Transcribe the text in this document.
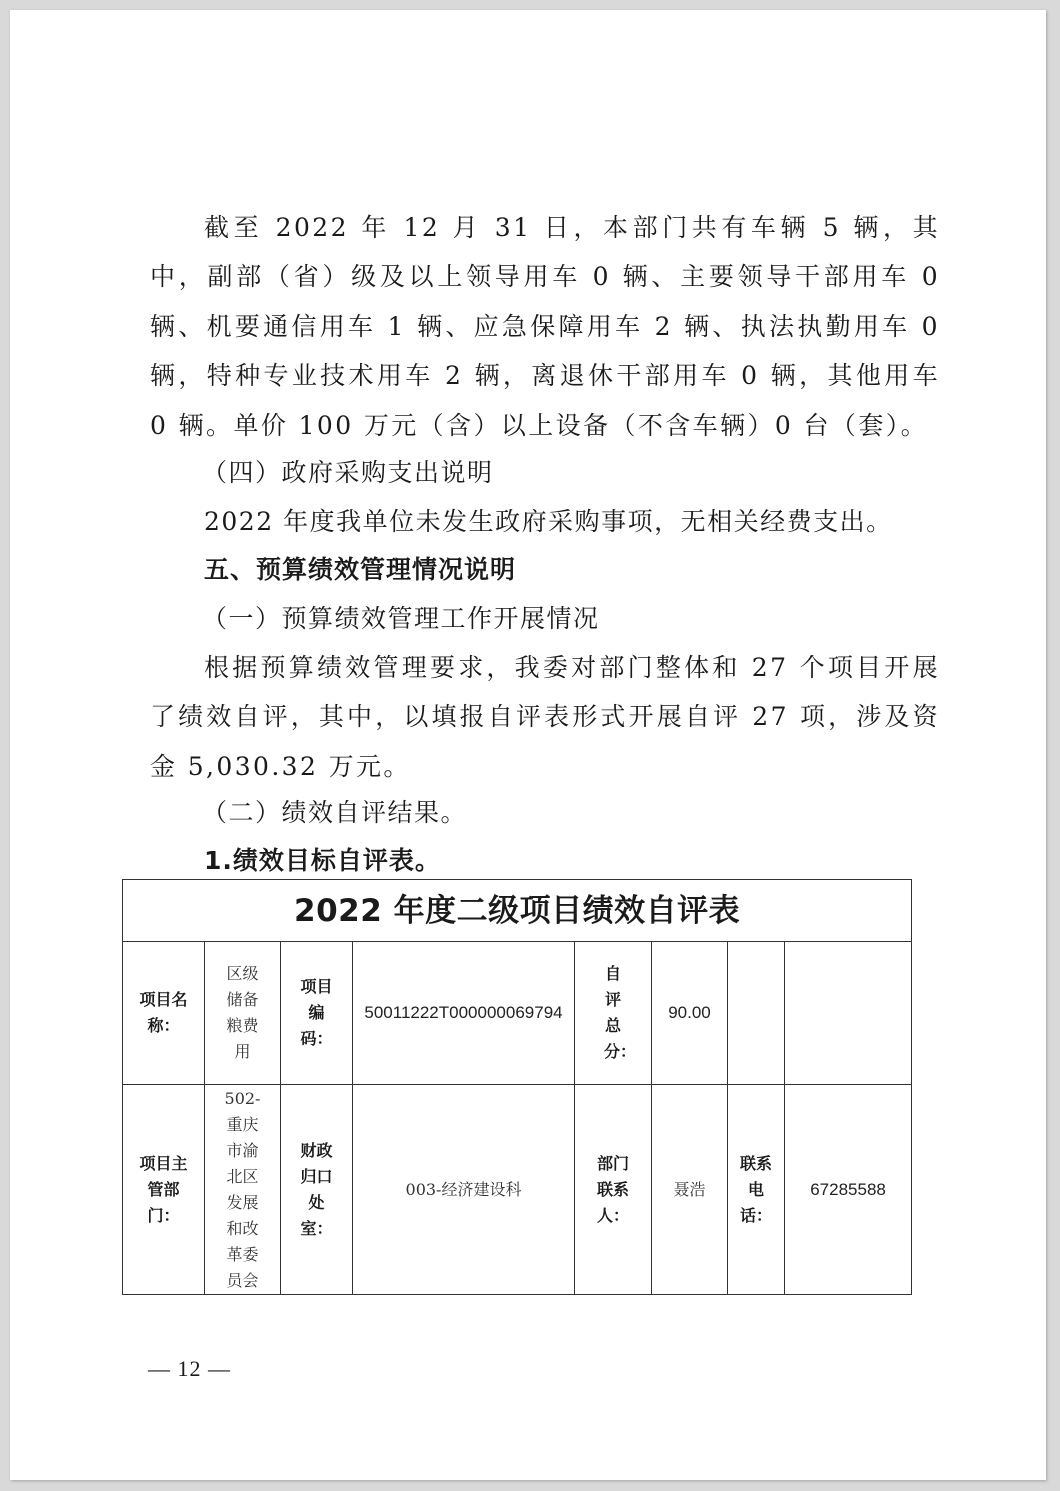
截至 2022 年 12 月 31 日，本部门共有车辆 5 辆，其中，副部（省）级及以上领导用车 0 辆、主要领导干部用车 0 辆、机要通信用车 1 辆、应急保障用车 2 辆、执法执勤用车 0 辆，特种专业技术用车 2 辆，离退休干部用车 0 辆，其他用车 0 辆。单价 100 万元（含）以上设备（不含车辆）0 台（套）。

（四）政府采购支出说明

2022 年度我单位未发生政府采购事项，无相关经费支出。

五、预算绩效管理情况说明

（一）预算绩效管理工作开展情况

根据预算绩效管理要求，我委对部门整体和 27 个项目开展了绩效自评，其中，以填报自评表形式开展自评 27 项，涉及资金 5,030.32 万元。

（二）绩效自评结果。

1.绩效目标自评表。

2022 年度二级项目绩效自评表							
项目名称：	区级储备粮费用	项目编码：	50011222T000000069794	自评总分：	90.00		
项目主管部门：	502-重庆市渝北区发展和改革委员会	财政归口处室：	003-经济建设科	部门联系人：	聂浩	联系电话：	67285588
— 12 —
